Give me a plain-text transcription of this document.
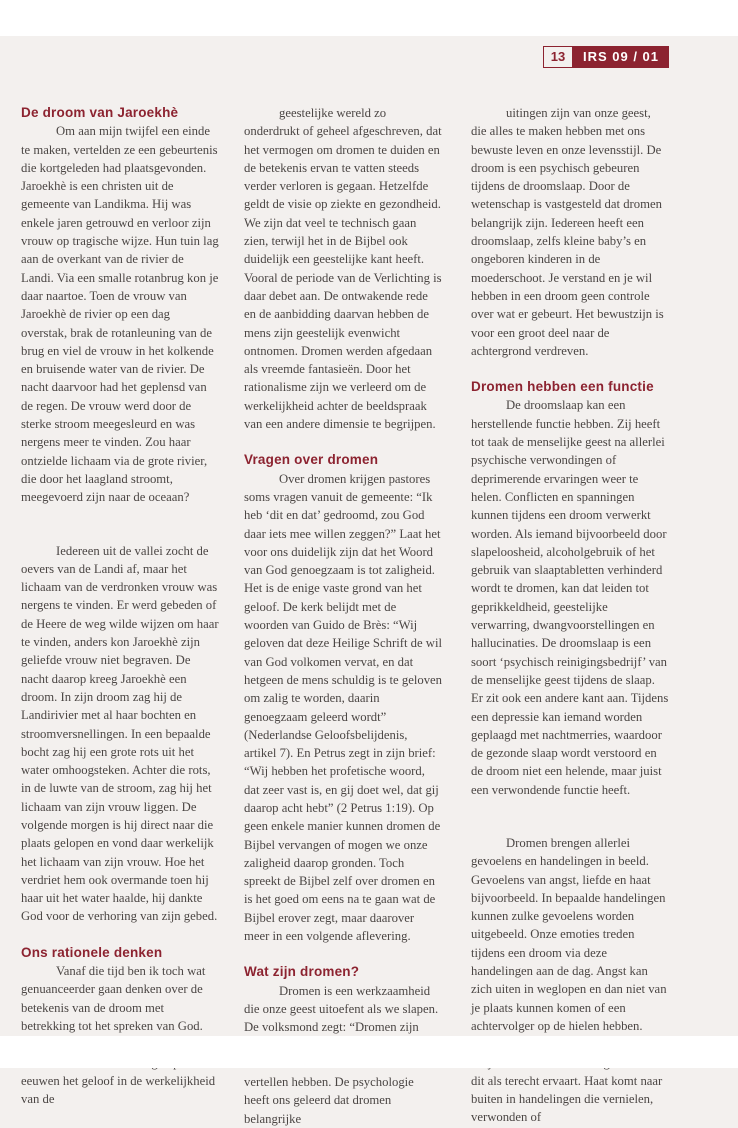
13	IRS 09 / 01
De droom van Jaroekhè

Om aan mijn twijfel een einde te maken, vertelden ze een gebeurtenis die kortgeleden had plaatsgevonden. Jaroekhè is een christen uit de gemeente van Landikma. Hij was enkele jaren getrouwd en verloor zijn vrouw op tragische wijze. Hun tuin lag aan de overkant van de rivier de Landi. Via een smalle rotanbrug kon je daar naartoe. Toen de vrouw van Jaroekhè de rivier op een dag overstak, brak de rotanleuning van de brug en viel de vrouw in het kolkende en bruisende water van de rivier. De nacht daarvoor had het geplensd van de regen. De vrouw werd door de sterke stroom meegesleurd en was nergens meer te vinden. Zou haar ontzielde lichaam via de grote rivier, die door het laagland stroomt, meegevoerd zijn naar de oceaan?

Iedereen uit de vallei zocht de oevers van de Landi af, maar het lichaam van de verdronken vrouw was nergens te vinden. Er werd gebeden of de Heere de weg wilde wijzen om haar te vinden, anders kon Jaroekhè zijn geliefde vrouw niet begraven. De nacht daarop kreeg Jaroekhè een droom. In zijn droom zag hij de Landirivier met al haar bochten en stroomversnellingen. In een bepaalde bocht zag hij een grote rots uit het water omhoogsteken. Achter die rots, in de luwte van de stroom, zag hij het lichaam van zijn vrouw liggen. De volgende morgen is hij direct naar die plaats gelopen en vond daar werkelijk het lichaam van zijn vrouw. Hoe het verdriet hem ook overmande toen hij haar uit het water haalde, hij dankte God voor de verhoring van zijn gebed.

Ons rationele denken

Vanaf die tijd ben ik toch wat genuanceerder gaan denken over de betekenis van de droom met betrekking tot het spreken van God. eeuwen het geloof in de werkelijkheid van de

geestelijke wereld zo onderdrukt of geheel afgeschreven, dat het vermogen om dromen te duiden en de betekenis ervan te vatten steeds verder verloren is gegaan. Hetzelfde geldt de visie op ziekte en gezondheid. We zijn dat veel te technisch gaan zien, terwijl het in de Bijbel ook duidelijk een geestelijke kant heeft. Vooral de periode van de Verlichting is daar debet aan. De ontwakende rede en de aanbidding daarvan hebben de mens zijn geestelijk evenwicht ontnomen. Dromen werden afgedaan als vreemde fantasieën. Door het rationalisme zijn we verleerd om de werkelijkheid achter de beeldspraak van een andere dimensie te begrijpen.

Vragen over dromen

Over dromen krijgen pastores soms vragen vanuit de gemeente: “Ik heb ‘dit en dat’ gedroomd, zou God daar iets mee willen zeggen?” Laat het voor ons duidelijk zijn dat het Woord van God genoegzaam is tot zaligheid. Het is de enige vaste grond van het geloof. De kerk belijdt met de woorden van Guido de Brès: “Wij geloven dat deze Heilige Schrift de wil van God volkomen vervat, en dat hetgeen de mens schuldig is te geloven om zalig te worden, daarin genoegzaam geleerd wordt” (Nederlandse Geloofsbelijdenis, artikel 7). En Petrus zegt in zijn brief: “Wij hebben het profetische woord, dat zeer vast is, en gij doet wel, dat gij daarop acht hebt” (2 Petrus 1:19). Op geen enkele manier kunnen dromen de Bijbel vervangen of mogen we onze zaligheid daarop gronden. Toch spreekt de Bijbel zelf over dromen en is het goed om eens na te gaan wat de Bijbel erover zegt, maar daarover meer in een volgende aflevering.

Wat zijn dromen?

Dromen is een werkzaamheid die onze geest uitoefent als we slapen. De volksmond zegt: “Dromen zijn vertellen hebben. De psychologie heeft ons geleerd dat dromen belangrijke

uitingen zijn van onze geest, die alles te maken hebben met ons bewuste leven en onze levensstijl. De droom is een psychisch gebeuren tijdens de droomslaap. Door de wetenschap is vastgesteld dat dromen belangrijk zijn. Iedereen heeft een droomslaap, zelfs kleine baby’s en ongeboren kinderen in de moederschoot. Je verstand en je wil hebben in een droom geen controle over wat er gebeurt. Het bewustzijn is voor een groot deel naar de achtergrond verdreven.

Dromen hebben een functie

De droomslaap kan een herstellende functie hebben. Zij heeft tot taak de menselijke geest na allerlei psychische verwondingen of deprimerende ervaringen weer te helen. Conflicten en spanningen kunnen tijdens een droom verwerkt worden. Als iemand bijvoorbeeld door slapeloosheid, alcoholgebruik of het gebruik van slaaptabletten verhinderd wordt te dromen, kan dat leiden tot geprikkeldheid, geestelijke verwarring, dwangvoorstellingen en hallucinaties. De droomslaap is een soort ‘psychisch reinigingsbedrijf’ van de menselijke geest tijdens de slaap. Er zit ook een andere kant aan. Tijdens een depressie kan iemand worden geplaagd met nachtmerries, waardoor de gezonde slaap wordt verstoord en de droom niet een helende, maar juist een verwondende functie heeft.

Dromen brengen allerlei gevoelens en handelingen in beeld. Gevoelens van angst, liefde en haat bijvoorbeeld. In bepaalde handelingen kunnen zulke gevoelens worden uitgebeeld. Onze emoties treden tijdens een droom via deze handelingen aan de dag. Angst kan zich uiten in weglopen en dan niet van je plaats kunnen komen of een achtervolger op de hielen hebben. dit als terecht ervaart. Haat komt naar buiten in handelingen die vernielen, verwonden of
